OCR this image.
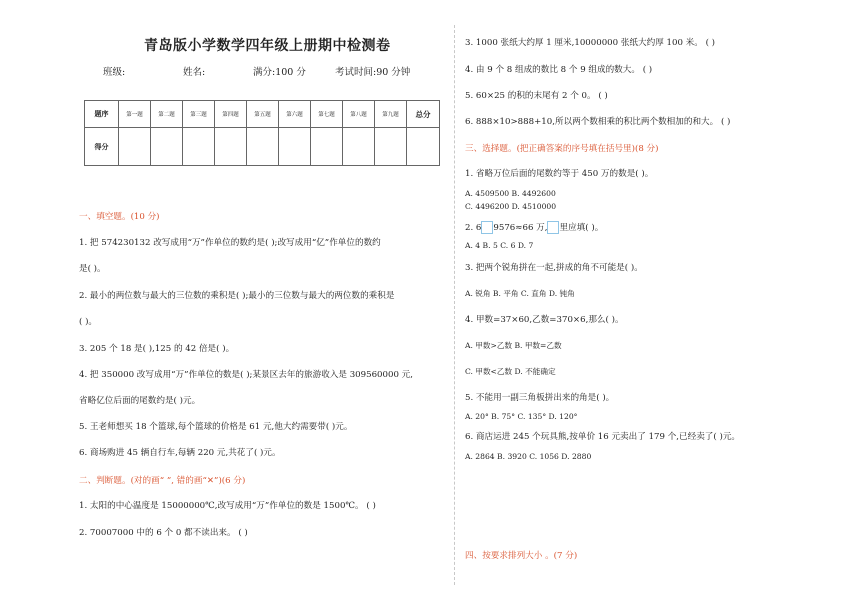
青岛版小学数学四年级上册期中检测卷
班级:	姓名:	满分:100 分	考试时间:90 分钟
题序	第一题	第二题	第三题	第四题	第五题	第六题	第七题	第八题	第九题	总分
得分										
一、填空题。(10 分)
1. 把 574230132 改写成用“万”作单位的数约是( );改写成用“亿”作单位的数约
是( )。
2. 最小的两位数与最大的三位数的乘积是( );最小的三位数与最大的两位数的乘积是
( )。
3. 205 个 18 是( ),125 的 42 倍是( )。
4. 把 350000 改写成用“万”作单位的数是( );某景区去年的旅游收入是 309560000 元,
省略亿位后面的尾数约是( )元。
5. 王老师想买 18 个篮球,每个篮球的价格是 61 元,他大约需要带( )元。
6. 商场购进 45 辆自行车,每辆 220 元,共花了( )元。
二、判断题。(对的画“ ”, 错的画“✕”)(6 分)
1. 太阳的中心温度是 15000000℃,改写成用“万”作单位的数是 1500℃。 ( )
2. 70007000 中的 6 个 0 都不读出来。 ( )
3. 1000 张纸大约厚 1 厘米,10000000 张纸大约厚 100 米。 ( )
4. 由 9 个 8 组成的数比 8 个 9 组成的数大。 ( )
5. 60×25 的积的末尾有 2 个 0。 ( )
6. 888×10>888+10,所以两个数相乘的积比两个数相加的和大。 ( )
三、选择题。(把正确答案的序号填在括号里)(8 分)
1. 省略万位后面的尾数约等于 450 万的数是( )。
A. 4509500 B. 4492600
C. 4496200 D. 4510000
2. 6 9576≈66 万, 里应填( )。
A. 4 B. 5 C. 6 D. 7
3. 把两个锐角拼在一起,拼成的角不可能是( )。
A. 锐角 B. 平角 C. 直角 D. 钝角
4. 甲数=37×60,乙数=370×6,那么( )。
A. 甲数>乙数 B. 甲数=乙数
C. 甲数<乙数 D. 不能确定
5. 不能用一副三角板拼出来的角是( )。
A. 20° B. 75° C. 135° D. 120°
6. 商店运进 245 个玩具熊,按单价 16 元卖出了 179 个,已经卖了( )元。
A. 2864 B. 3920 C. 1056 D. 2880
四、按要求排列大小 。(7 分)
